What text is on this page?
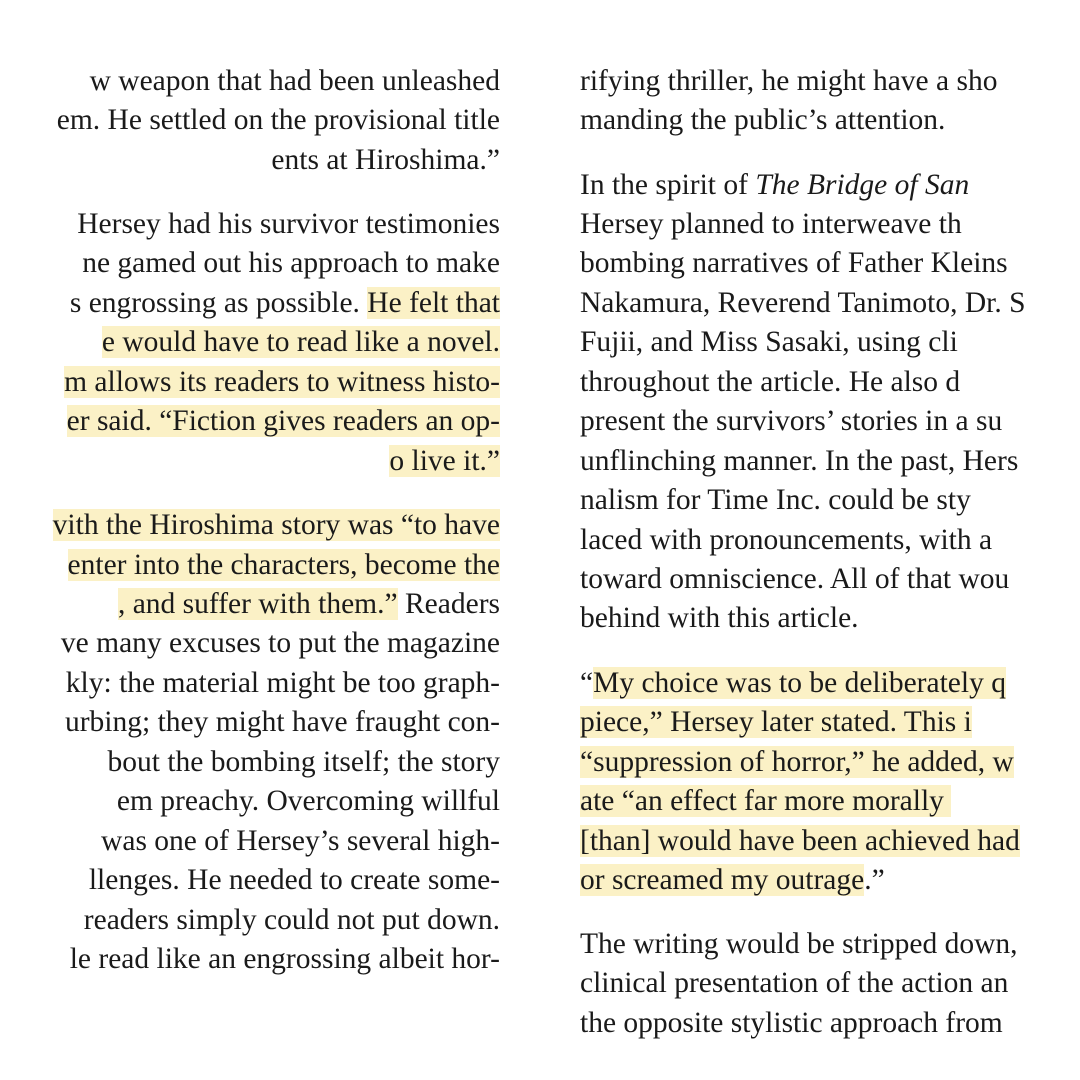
w weapon that had been unleashed
em. He settled on the provisional title
ents at Hiroshima.”
Hersey had his survivor testimonies
ne gamed out his approach to make
s engrossing as possible. He felt that
e would have to read like a novel.
m allows its readers to witness histo-
er said. “Fiction gives readers an op-
o live it.”
vith the Hiroshima story was “to have
enter into the characters, become the
, and suffer with them.” Readers
ve many excuses to put the magazine
kly: the material might be too graph-
urbing; they might have fraught con-
bout the bombing itself; the story
em preachy. Overcoming willful
was one of Hersey’s several high-
llenges. He needed to create some-
readers simply could not put down.
le read like an engrossing albeit hor-
rifying thriller, he might have a sho
manding the public’s attention.
In the spirit of The Bridge of San
Hersey planned to interweave th
bombing narratives of Father Kleins
Nakamura, Reverend Tanimoto, Dr. S
Fujii, and Miss Sasaki, using cli
throughout the article. He also d
present the survivors’ stories in a su
unflinching manner. In the past, Hers
nalism for Time Inc. could be sty
laced with pronouncements, with a
toward omniscience. All of that wou
behind with this article.
“My choice was to be deliberately q
piece,” Hersey later stated. This i
“suppression of horror,” he added, w
ate “an effect far more morally
[than] would have been achieved had
or screamed my outrage.”
The writing would be stripped down,
clinical presentation of the action an
the opposite stylistic approach from
